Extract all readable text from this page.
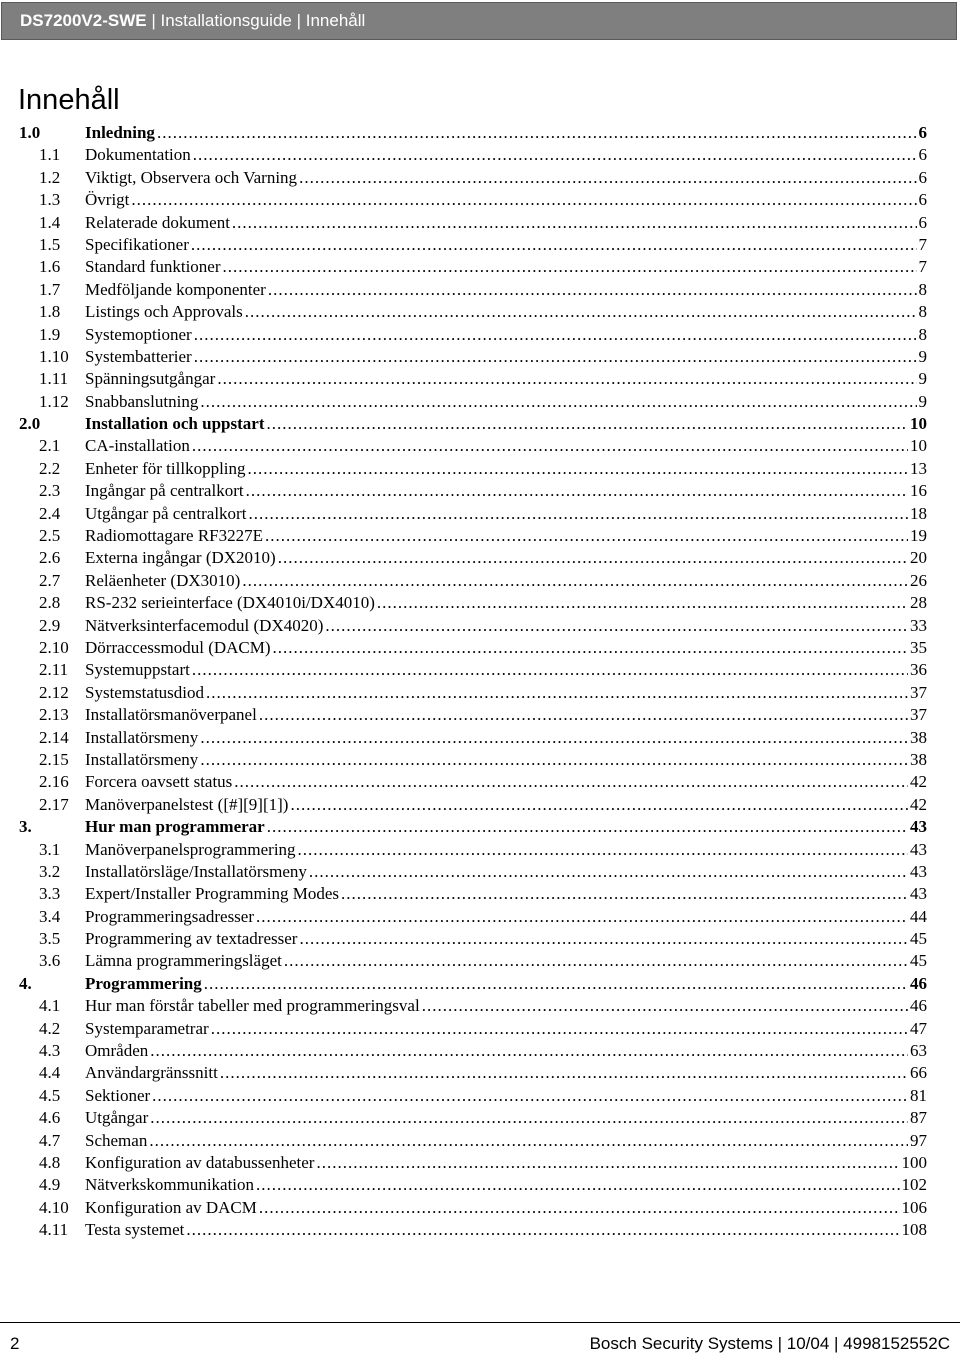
DS7200V2-SWE | Installationsguide | Innehåll
Innehåll
1.0	Inledning .....	6
1.1 Dokumentation .....	6
1.2 Viktigt, Observera och Varning .....	6
1.3 Övrigt .....	6
1.4 Relaterade dokument .....	6
1.5 Specifikationer .....	7
1.6 Standard funktioner .....	7
1.7 Medföljande komponenter .....	8
1.8 Listings och Approvals .....	8
1.9 Systemoptioner .....	8
1.10 Systembatterier .....	9
1.11 Spänningsutgångar .....	9
1.12 Snabbanslutning .....	9
2.0	Installation och uppstart .....	10
2.1 CA-installation .....	10
2.2 Enheter för tillkoppling .....	13
2.3 Ingångar på centralkort .....	16
2.4 Utgångar på centralkort .....	18
2.5 Radiomottagare RF3227E .....	19
2.6 Externa ingångar (DX2010) .....	20
2.7 Reläenheter (DX3010) .....	26
2.8 RS-232 serieinterface (DX4010i/DX4010) .....	28
2.9 Nätverksinterfacemodul (DX4020) .....	33
2.10 Dörraccessmodul (DACM) .....	35
2.11 Systemuppstart .....	36
2.12 Systemstatusdiod .....	37
2.13 Installatörsmanöverpanel .....	37
2.14 Installatörsmeny .....	38
2.15 Installatörsmeny .....	38
2.16 Forcera oavsett status .....	42
2.17 Manöverpanelstest ([#][9][1]) .....	42
3.	Hur man programmerar .....	43
3.1 Manöverpanelsprogrammering .....	43
3.2 Installatörsläge/Installatörsmeny .....	43
3.3 Expert/Installer Programming Modes .....	43
3.4 Programmeringsadresser .....	44
3.5 Programmering av textadresser .....	45
3.6 Lämna programmeringsläget .....	45
4.	Programmering .....	46
4.1 Hur man förstår tabeller med programmeringsval .....	46
4.2 Systemparametrar .....	47
4.3 Områden .....	63
4.4 Användargränssnitt .....	66
4.5 Sektioner .....	81
4.6 Utgångar .....	87
4.7 Scheman .....	97
4.8 Konfiguration av databussenheter .....	100
4.9 Nätverkskommunikation .....	102
4.10 Konfiguration av DACM .....	106
4.11 Testa systemet .....	108
2	Bosch Security Systems | 10/04 | 4998152552C
